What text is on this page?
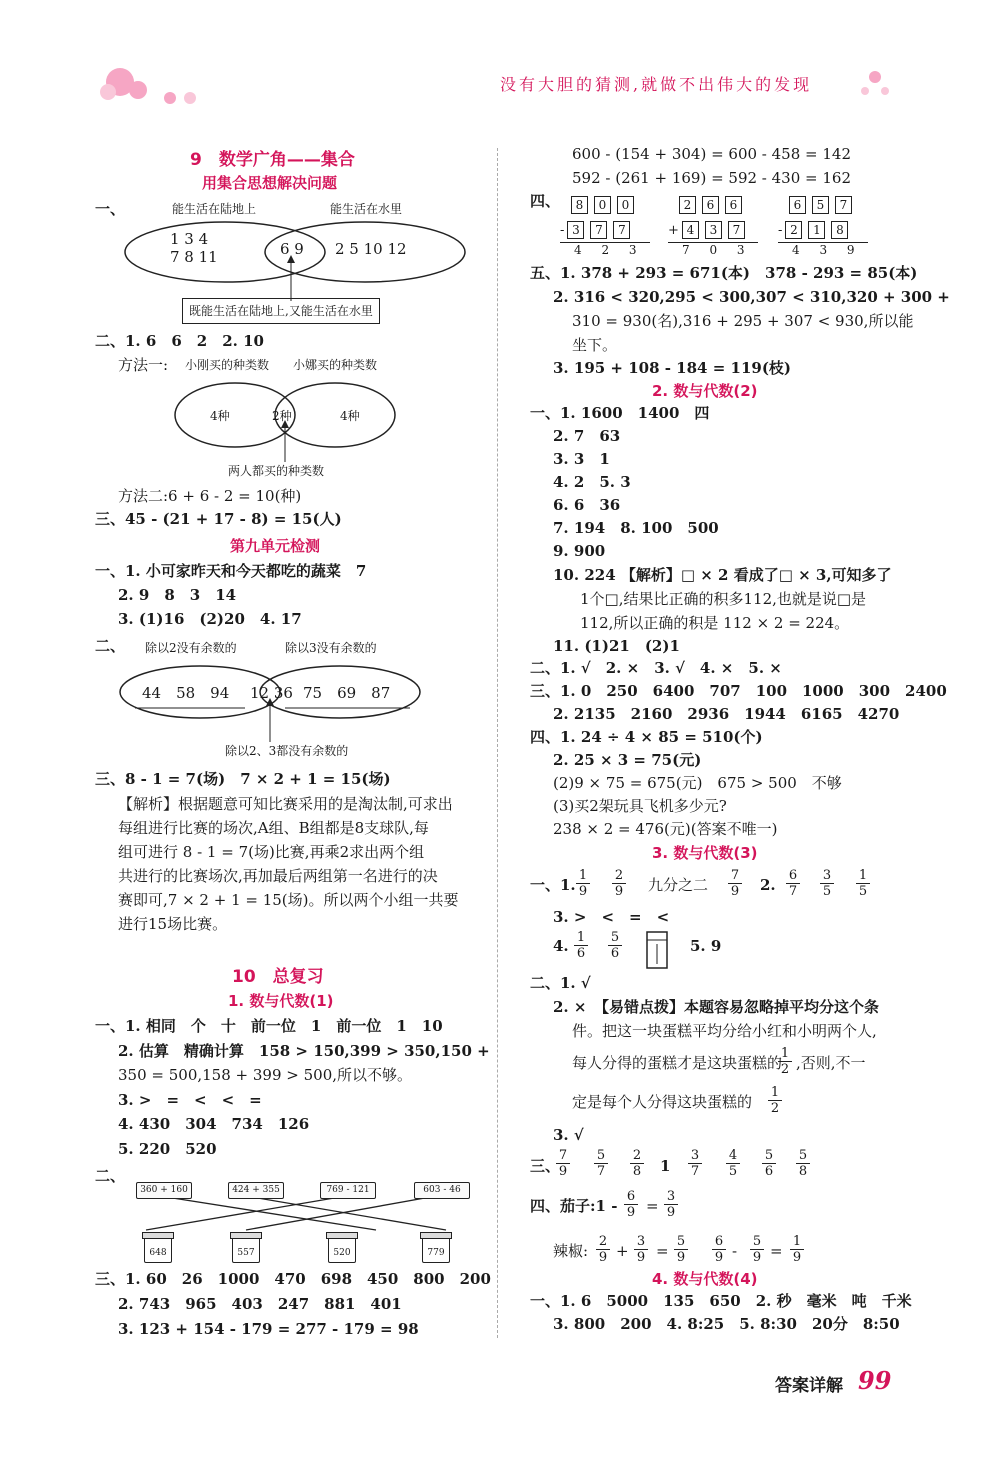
没有大胆的猜测,就做不出伟大的发现
9　数学广角——集合
用集合思想解决问题
一、	能生活在陆地上	能生活在水里
1 3 4
7 8 11	6 9 2 5 10 12
既能生活在陆地上,又能生活在水里
二、1. 6　6　2　2. 10
方法一: 小刚买的种类数 小娜买的种类数
4种	2种	4种
两人都买的种类数
方法二:6 + 6 - 2 = 10(种)
三、45 - (21 + 17 - 8) = 15(人)
第九单元检测
一、1. 小可家昨天和今天都吃的蔬菜　7
2. 9　8　3　14
3. (1)16　(2)20　4. 17
二、 除以2没有余数的	除以3没有余数的
44　58　94 12 36 75　69　87
除以2、3都没有余数的
三、8 - 1 = 7(场)　7 × 2 + 1 = 15(场)
【解析】根据题意可知比赛采用的是淘汰制,可求出
每组进行比赛的场次,A组、B组都是8支球队,每
组可进行 8 - 1 = 7(场)比赛,再乘2求出两个组
共进行的比赛场次,再加最后两组第一名进行的决
赛即可,7 × 2 + 1 = 15(场)。所以两个小组一共要
进行15场比赛。
10　总复习
1. 数与代数(1)
一、1. 相同　个　十　前一位　1　前一位　1　10
2. 估算　精确计算　158 > 150,399 > 350,150 +
350 = 500,158 + 399 > 500,所以不够。
3. >　=　<　<　=
4. 430　304　734　126
5. 220　520
二、
360 + 160	424 + 355	769 - 121	603 - 46
648	557	520	779
三、1. 60　26　1000　470　698　450　800　200
2. 743　965　403　247　881　401
3. 123 + 154 - 179 = 277 - 179 = 98
600 - (154 + 304) = 600 - 458 = 142
592 - (261 + 169) = 592 - 430 = 162
四、	8 0 0
- 3 7 7
4 2 3
2 6 6
+ 4 3 7
7 0 3
6 5 7
- 2 1 8
4 3 9
五、1. 378 + 293 = 671(本)　378 - 293 = 85(本)
2. 316 < 320,295 < 300,307 < 310,320 + 300 +
310 = 930(名),316 + 295 + 307 < 930,所以能
坐下。
3. 195 + 108 - 184 = 119(枝)
2. 数与代数(2)
一、1. 1600　1400　四
2. 7　63
3. 3　1
4. 2　5. 3
6. 6　36
7. 194　8. 100　500
9. 900
10. 224 【解析】□ × 2 看成了□ × 3,可知多了
1个□,结果比正确的积多112,也就是说□是
112,所以正确的积是 112 × 2 = 224。
11. (1)21　(2)1
二、1. √　2. ×　3. √　4. ×　5. ×
三、1. 0　250　6400　707　100　1000　300　2400
2. 2135　2160　2936　1944　6165　4270
四、1. 24 ÷ 4 × 85 = 510(个)
2. 25 × 3 = 75(元)
(2)9 × 75 = 675(元)　675 > 500　不够
(3)买2架玩具飞机多少元?
238 × 2 = 476(元)(答案不唯一)
3. 数与代数(3)
一、1. $\frac{1}{9} \frac{2}{9}$ 九分之二 $\frac{7}{9} 2$. $\frac{6}{7} \frac{3}{5} \frac{1}{5}$
3. >　<　=　<
4. $\frac{1}{6} \frac{5}{6}$	5. 9
二、1. √
2. ×　【易错点拨】本题容易忽略掉平均分这个条
件。把这一块蛋糕平均分给小红和小明两个人,
每人分得的蛋糕才是这块蛋糕的
$\frac{1}{2}$ ,否则,不一
定是每个人分得这块蛋糕的 $\frac{1}{2}$
3. √
三、
$\frac{7}{9} \frac{5}{7} \frac{2}{8} 1 \frac{3}{7} \frac{4}{5} \frac{5}{6} \frac{5}{8}$
四、茄子:1 - $\frac{6}{9} = \frac{3}{9}$
辣椒: $\frac{2}{9} + \frac{3}{9} = \frac{5}{9} \frac{6}{9} - \frac{5}{9} = \frac{1}{9}$
4. 数与代数(4)
一、1. 6　5000　135　650　2. 秒　毫米　吨　千米
3. 800　200　4. 8:25　5. 8:30　20分　8:50
答案详解 99
